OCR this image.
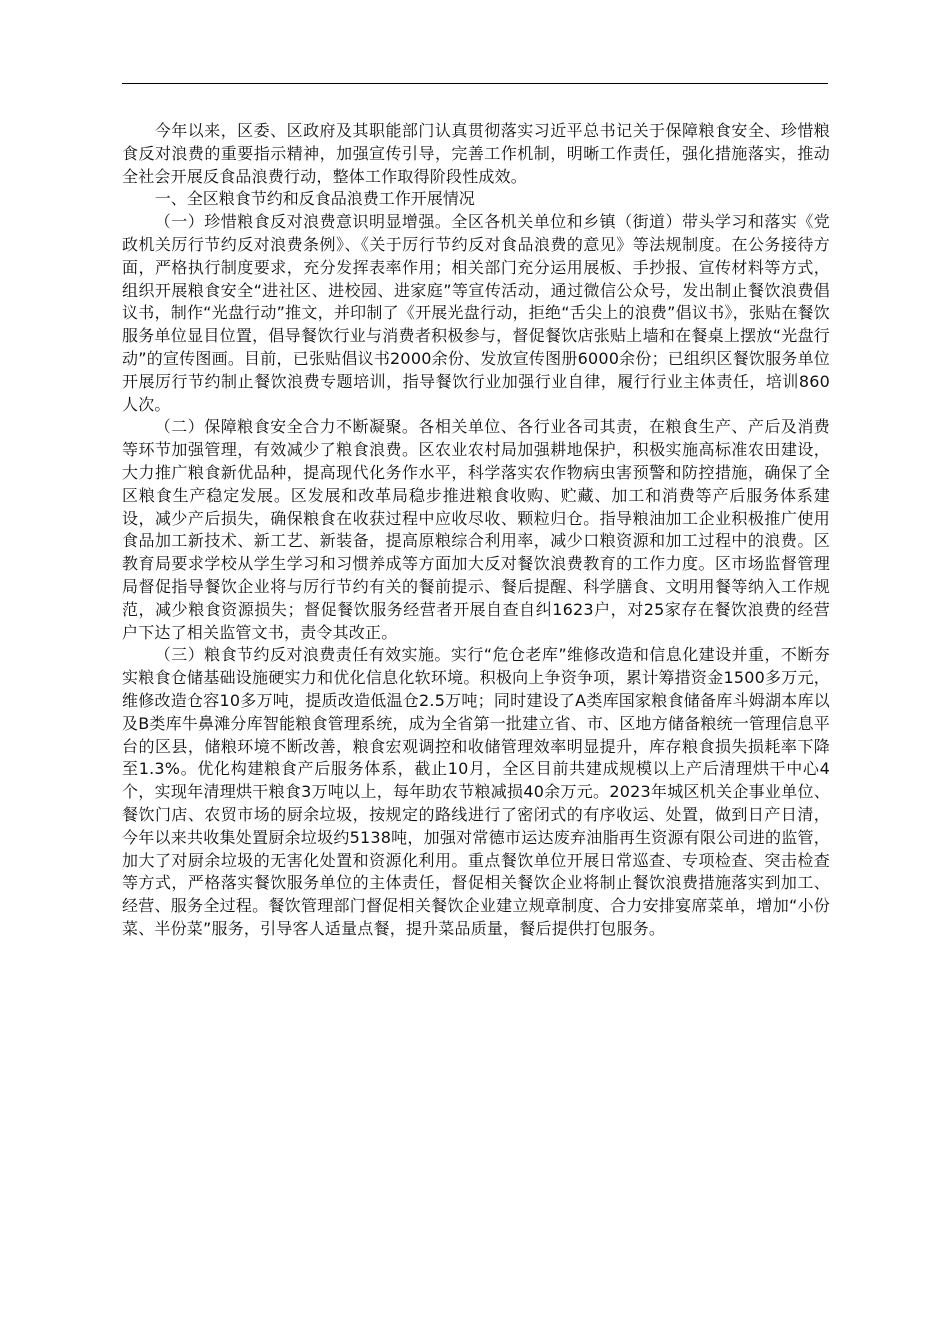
今年以来，区委、区政府及其职能部门认真贯彻落实习近平总书记关于保障粮食安全、珍惜粮食反对浪费的重要指示精神，加强宣传引导，完善工作机制，明晰工作责任，强化措施落实，推动全社会开展反食品浪费行动，整体工作取得阶段性成效。

一、全区粮食节约和反食品浪费工作开展情况

（一）珍惜粮食反对浪费意识明显增强。全区各机关单位和乡镇（街道）带头学习和落实《党政机关厉行节约反对浪费条例》、《关于厉行节约反对食品浪费的意见》等法规制度。在公务接待方面，严格执行制度要求，充分发挥表率作用；相关部门充分运用展板、手抄报、宣传材料等方式，组织开展粮食安全“进社区、进校园、进家庭”等宣传活动，通过微信公众号，发出制止餐饮浪费倡议书，制作“光盘行动”推文，并印制了《开展光盘行动，拒绝“舌尖上的浪费”倡议书》，张贴在餐饮服务单位显目位置，倡导餐饮行业与消费者积极参与，督促餐饮店张贴上墙和在餐桌上摆放“光盘行动”的宣传图画。目前，已张贴倡议书2000余份、发放宣传图册6000余份；已组织区餐饮服务单位开展厉行节约制止餐饮浪费专题培训，指导餐饮行业加强行业自律，履行行业主体责任，培训860人次。

（二）保障粮食安全合力不断凝聚。各相关单位、各行业各司其责，在粮食生产、产后及消费等环节加强管理，有效减少了粮食浪费。区农业农村局加强耕地保护，积极实施高标准农田建设，大力推广粮食新优品种，提高现代化务作水平，科学落实农作物病虫害预警和防控措施，确保了全区粮食生产稳定发展。区发展和改革局稳步推进粮食收购、贮藏、加工和消费等产后服务体系建设，减少产后损失，确保粮食在收获过程中应收尽收、颗粒归仓。指导粮油加工企业积极推广使用食品加工新技术、新工艺、新装备，提高原粮综合利用率，减少口粮资源和加工过程中的浪费。区教育局要求学校从学生学习和习惯养成等方面加大反对餐饮浪费教育的工作力度。区市场监督管理局督促指导餐饮企业将与厉行节约有关的餐前提示、餐后提醒、科学膳食、文明用餐等纳入工作规范，减少粮食资源损失；督促餐饮服务经营者开展自查自纠1623户，对25家存在餐饮浪费的经营户下达了相关监管文书，责令其改正。

（三）粮食节约反对浪费责任有效实施。实行“危仓老库”维修改造和信息化建设并重，不断夯实粮食仓储基础设施硬实力和优化信息化软环境。积极向上争资争项，累计筹措资金1500多万元，维修改造仓容10多万吨，提质改造低温仓2.5万吨；同时建设了A类库国家粮食储备库斗姆湖本库以及B类库牛鼻滩分库智能粮食管理系统，成为全省第一批建立省、市、区地方储备粮统一管理信息平台的区县，储粮环境不断改善，粮食宏观调控和收储管理效率明显提升，库存粮食损失损耗率下降至1.3%。优化构建粮食产后服务体系，截止10月，全区目前共建成规模以上产后清理烘干中心4个，实现年清理烘干粮食3万吨以上，每年助农节粮减损40余万元。2023年城区机关企事业单位、餐饮门店、农贸市场的厨余垃圾，按规定的路线进行了密闭式的有序收运、处置，做到日产日清，今年以来共收集处置厨余垃圾约5138吨，加强对常德市运达废弃油脂再生资源有限公司进的监管，加大了对厨余垃圾的无害化处置和资源化利用。重点餐饮单位开展日常巡查、专项检查、突击检查等方式，严格落实餐饮服务单位的主体责任，督促相关餐饮企业将制止餐饮浪费措施落实到加工、经营、服务全过程。餐饮管理部门督促相关餐饮企业建立规章制度、合力安排宴席菜单，增加“小份菜、半份菜”服务，引导客人适量点餐，提升菜品质量，餐后提供打包服务。
